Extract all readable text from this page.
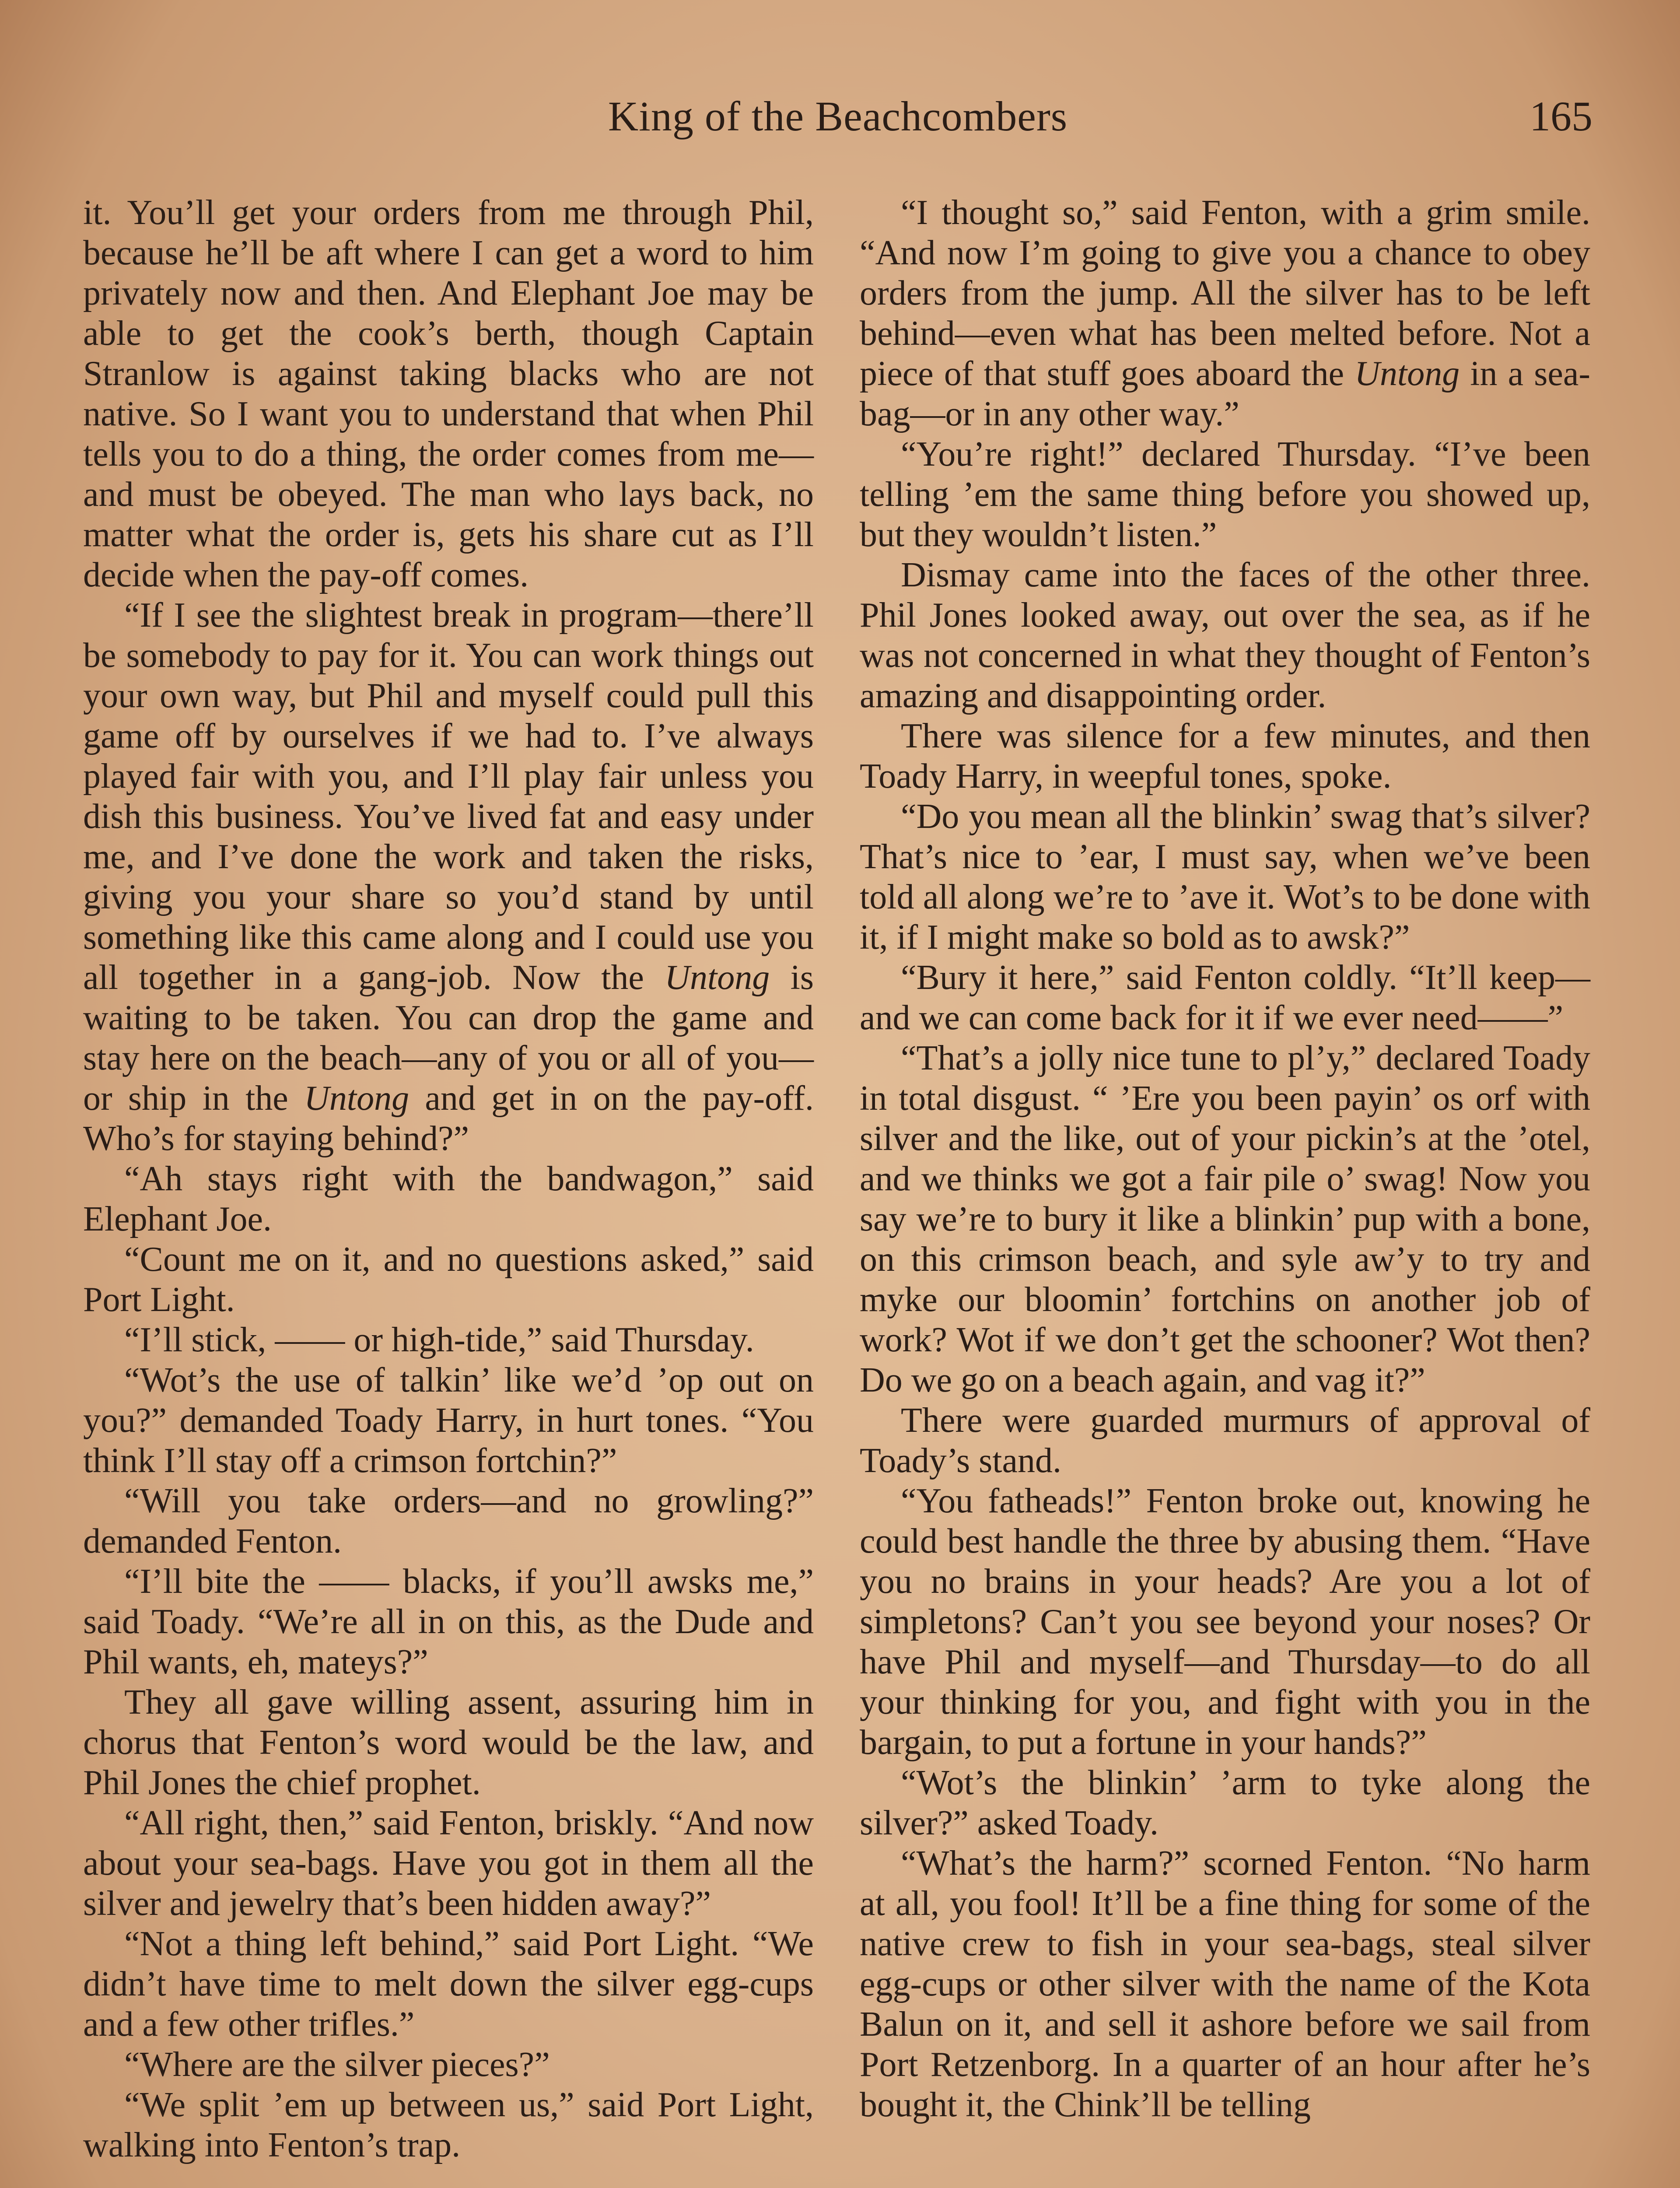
King of the Beachcombers	165

it. You’ll get your orders from me through Phil, because he’ll be aft where I can get a word to him privately now and then. And Elephant Joe may be able to get the cook’s berth, though Captain Stranlow is against taking blacks who are not native. So I want you to understand that when Phil tells you to do a thing, the order comes from me—and must be obeyed. The man who lays back, no matter what the order is, gets his share cut as I’ll decide when the pay-off comes.

“If I see the slightest break in program—there’ll be somebody to pay for it. You can work things out your own way, but Phil and myself could pull this game off by ourselves if we had to. I’ve always played fair with you, and I’ll play fair unless you dish this business. You’ve lived fat and easy under me, and I’ve done the work and taken the risks, giving you your share so you’d stand by until something like this came along and I could use you all together in a gang-job. Now the Untong is waiting to be taken. You can drop the game and stay here on the beach—any of you or all of you—or ship in the Untong and get in on the pay-off. Who’s for staying behind?”

“Ah stays right with the bandwagon,” said Elephant Joe.

“Count me on it, and no questions asked,” said Port Light.

“I’ll stick, —— or high-tide,” said Thursday.

“Wot’s the use of talkin’ like we’d ’op out on you?” demanded Toady Harry, in hurt tones. “You think I’ll stay off a crimson fortchin?”

“Will you take orders—and no growling?” demanded Fenton.

“I’ll bite the —— blacks, if you’ll awsks me,” said Toady. “We’re all in on this, as the Dude and Phil wants, eh, mateys?”

They all gave willing assent, assuring him in chorus that Fenton’s word would be the law, and Phil Jones the chief prophet.

“All right, then,” said Fenton, briskly. “And now about your sea-bags. Have you got in them all the silver and jewelry that’s been hidden away?”

“Not a thing left behind,” said Port Light. “We didn’t have time to melt down the silver egg-cups and a few other trifles.”

“Where are the silver pieces?”

“We split ’em up between us,” said Port Light, walking into Fenton’s trap.

“I thought so,” said Fenton, with a grim smile. “And now I’m going to give you a chance to obey orders from the jump. All the silver has to be left behind—even what has been melted before. Not a piece of that stuff goes aboard the Untong in a sea-bag—or in any other way.”

“You’re right!” declared Thursday. “I’ve been telling ’em the same thing before you showed up, but they wouldn’t listen.”

Dismay came into the faces of the other three. Phil Jones looked away, out over the sea, as if he was not concerned in what they thought of Fenton’s amazing and disappointing order.

There was silence for a few minutes, and then Toady Harry, in weepful tones, spoke.

“Do you mean all the blinkin’ swag that’s silver? That’s nice to ’ear, I must say, when we’ve been told all along we’re to ’ave it. Wot’s to be done with it, if I might make so bold as to awsk?”

“Bury it here,” said Fenton coldly. “It’ll keep—and we can come back for it if we ever need——”

“That’s a jolly nice tune to pl’y,” declared Toady in total disgust. “ ’Ere you been payin’ os orf with silver and the like, out of your pickin’s at the ’otel, and we thinks we got a fair pile o’ swag! Now you say we’re to bury it like a blinkin’ pup with a bone, on this crimson beach, and syle aw’y to try and myke our bloomin’ fortchins on another job of work? Wot if we don’t get the schooner? Wot then? Do we go on a beach again, and vag it?”

There were guarded murmurs of approval of Toady’s stand.

“You fatheads!” Fenton broke out, knowing he could best handle the three by abusing them. “Have you no brains in your heads? Are you a lot of simpletons? Can’t you see beyond your noses? Or have Phil and myself—and Thursday—to do all your thinking for you, and fight with you in the bargain, to put a fortune in your hands?”

“Wot’s the blinkin’ ’arm to tyke along the silver?” asked Toady.

“What’s the harm?” scorned Fenton. “No harm at all, you fool! It’ll be a fine thing for some of the native crew to fish in your sea-bags, steal silver egg-cups or other silver with the name of the Kota Balun on it, and sell it ashore before we sail from Port Retzenborg. In a quarter of an hour after he’s bought it, the Chink’ll be telling
